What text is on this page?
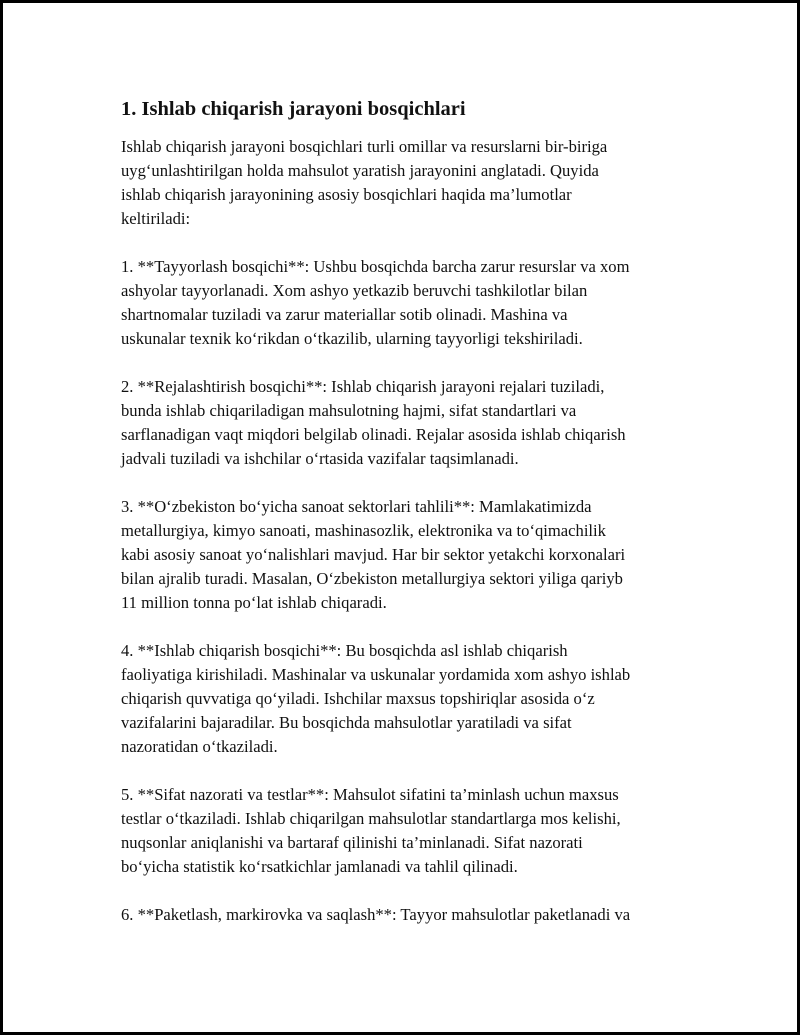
1. Ishlab chiqarish jarayoni bosqichlari

Ishlab chiqarish jarayoni bosqichlari turli omillar va resurslarni bir-biriga
uyg‘unlashtirilgan holda mahsulot yaratish jarayonini anglatadi. Quyida
ishlab chiqarish jarayonining asosiy bosqichlari haqida ma’lumotlar
keltiriladi:

1. **Tayyorlash bosqichi**: Ushbu bosqichda barcha zarur resurslar va xom
ashyolar tayyorlanadi. Xom ashyo yetkazib beruvchi tashkilotlar bilan
shartnomalar tuziladi va zarur materiallar sotib olinadi. Mashina va
uskunalar texnik ko‘rikdan o‘tkazilib, ularning tayyorligi tekshiriladi.

2. **Rejalashtirish bosqichi**: Ishlab chiqarish jarayoni rejalari tuziladi,
bunda ishlab chiqariladigan mahsulotning hajmi, sifat standartlari va
sarflanadigan vaqt miqdori belgilab olinadi. Rejalar asosida ishlab chiqarish
jadvali tuziladi va ishchilar o‘rtasida vazifalar taqsimlanadi.

3. **O‘zbekiston bo‘yicha sanoat sektorlari tahlili**: Mamlakatimizda
metallurgiya, kimyo sanoati, mashinasozlik, elektronika va to‘qimachilik
kabi asosiy sanoat yo‘nalishlari mavjud. Har bir sektor yetakchi korxonalari
bilan ajralib turadi. Masalan, O‘zbekiston metallurgiya sektori yiliga qariyb
11 million tonna po‘lat ishlab chiqaradi.

4. **Ishlab chiqarish bosqichi**: Bu bosqichda asl ishlab chiqarish
faoliyatiga kirishiladi. Mashinalar va uskunalar yordamida xom ashyo ishlab
chiqarish quvvatiga qo‘yiladi. Ishchilar maxsus topshiriqlar asosida o‘z
vazifalarini bajaradilar. Bu bosqichda mahsulotlar yaratiladi va sifat
nazoratidan o‘tkaziladi.

5. **Sifat nazorati va testlar**: Mahsulot sifatini ta’minlash uchun maxsus
testlar o‘tkaziladi. Ishlab chiqarilgan mahsulotlar standartlarga mos kelishi,
nuqsonlar aniqlanishi va bartaraf qilinishi ta’minlanadi. Sifat nazorati
bo‘yicha statistik ko‘rsatkichlar jamlanadi va tahlil qilinadi.

6. **Paketlash, markirovka va saqlash**: Tayyor mahsulotlar paketlanadi va
